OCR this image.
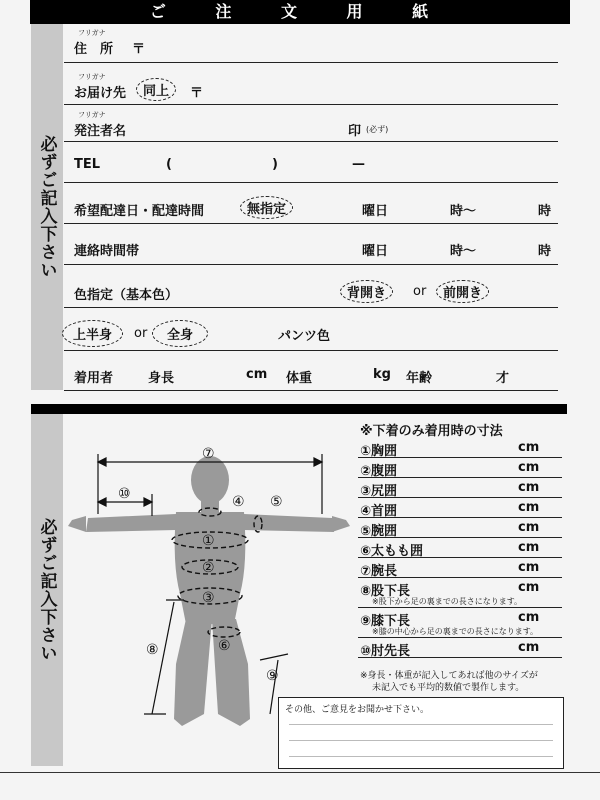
ご 注 文 用 紙
必ずご記入下さい
フリガナ
住　所 〒
フリガナ
お届け先	同上	〒
フリガナ
発注者名	印 (必ず)
TEL	(	)	—
希望配達日・配達時間	無指定	曜日	時〜	時
連絡時間帯	曜日	時〜	時
色指定（基本色）	背開き	or	前開き
上半身	or	全身	パンツ色
着用者	身長	cm 体重	kg 年齢	才
必ずご記入下さい
⑦
⑩	④ ⑤
①
②
③
⑧	⑥
⑨
※下着のみ着用時の寸法
①胸囲	cm
②腹囲	cm
③尻囲	cm
④首囲	cm
⑤腕囲	cm
⑥太もも囲	cm
⑦腕長	cm
⑧股下長	cm
※股下から足の裏までの長さになります。
⑨膝下長	cm
※膝の中心から足の裏までの長さになります。
⑩肘先長	cm
※身長・体重が記入してあれば他のサイズが
未記入でも平均的数値で製作します。
その他、ご意見をお聞かせ下さい。
